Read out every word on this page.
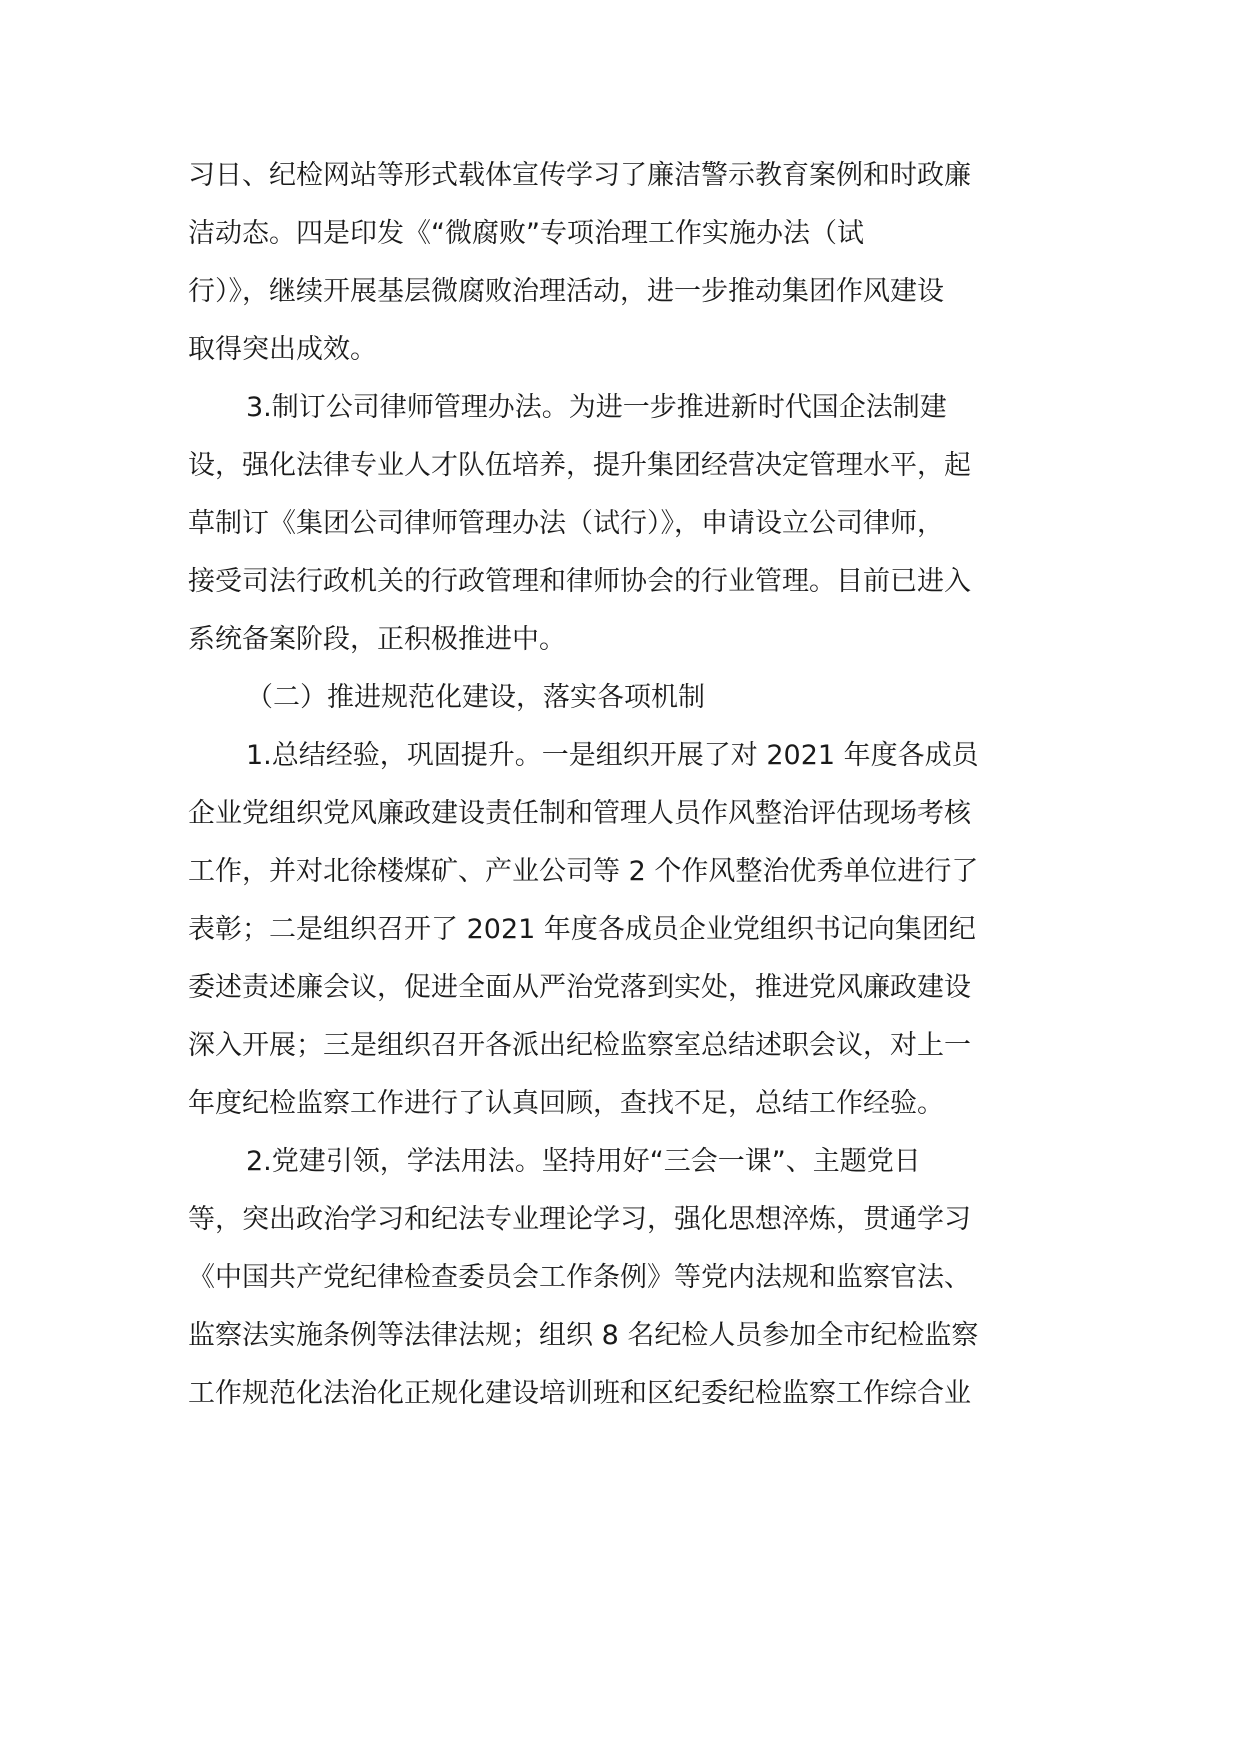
习日、纪检网站等形式载体宣传学习了廉洁警示教育案例和时政廉
洁动态。四是印发《“微腐败”专项治理工作实施办法（试
行）》，继续开展基层微腐败治理活动，进一步推动集团作风建设
取得突出成效。
3.制订公司律师管理办法。为进一步推进新时代国企法制建
设，强化法律专业人才队伍培养，提升集团经营决定管理水平，起
草制订《集团公司律师管理办法（试行）》，申请设立公司律师，
接受司法行政机关的行政管理和律师协会的行业管理。目前已进入
系统备案阶段，正积极推进中。
（二）推进规范化建设，落实各项机制
1.总结经验，巩固提升。一是组织开展了对 2021 年度各成员
企业党组织党风廉政建设责任制和管理人员作风整治评估现场考核
工作，并对北徐楼煤矿、产业公司等 2 个作风整治优秀单位进行了
表彰；二是组织召开了 2021 年度各成员企业党组织书记向集团纪
委述责述廉会议，促进全面从严治党落到实处，推进党风廉政建设
深入开展；三是组织召开各派出纪检监察室总结述职会议，对上一
年度纪检监察工作进行了认真回顾，查找不足，总结工作经验。
2.党建引领，学法用法。坚持用好“三会一课”、主题党日
等，突出政治学习和纪法专业理论学习，强化思想淬炼，贯通学习
《中国共产党纪律检查委员会工作条例》等党内法规和监察官法、
监察法实施条例等法律法规；组织 8 名纪检人员参加全市纪检监察
工作规范化法治化正规化建设培训班和区纪委纪检监察工作综合业
